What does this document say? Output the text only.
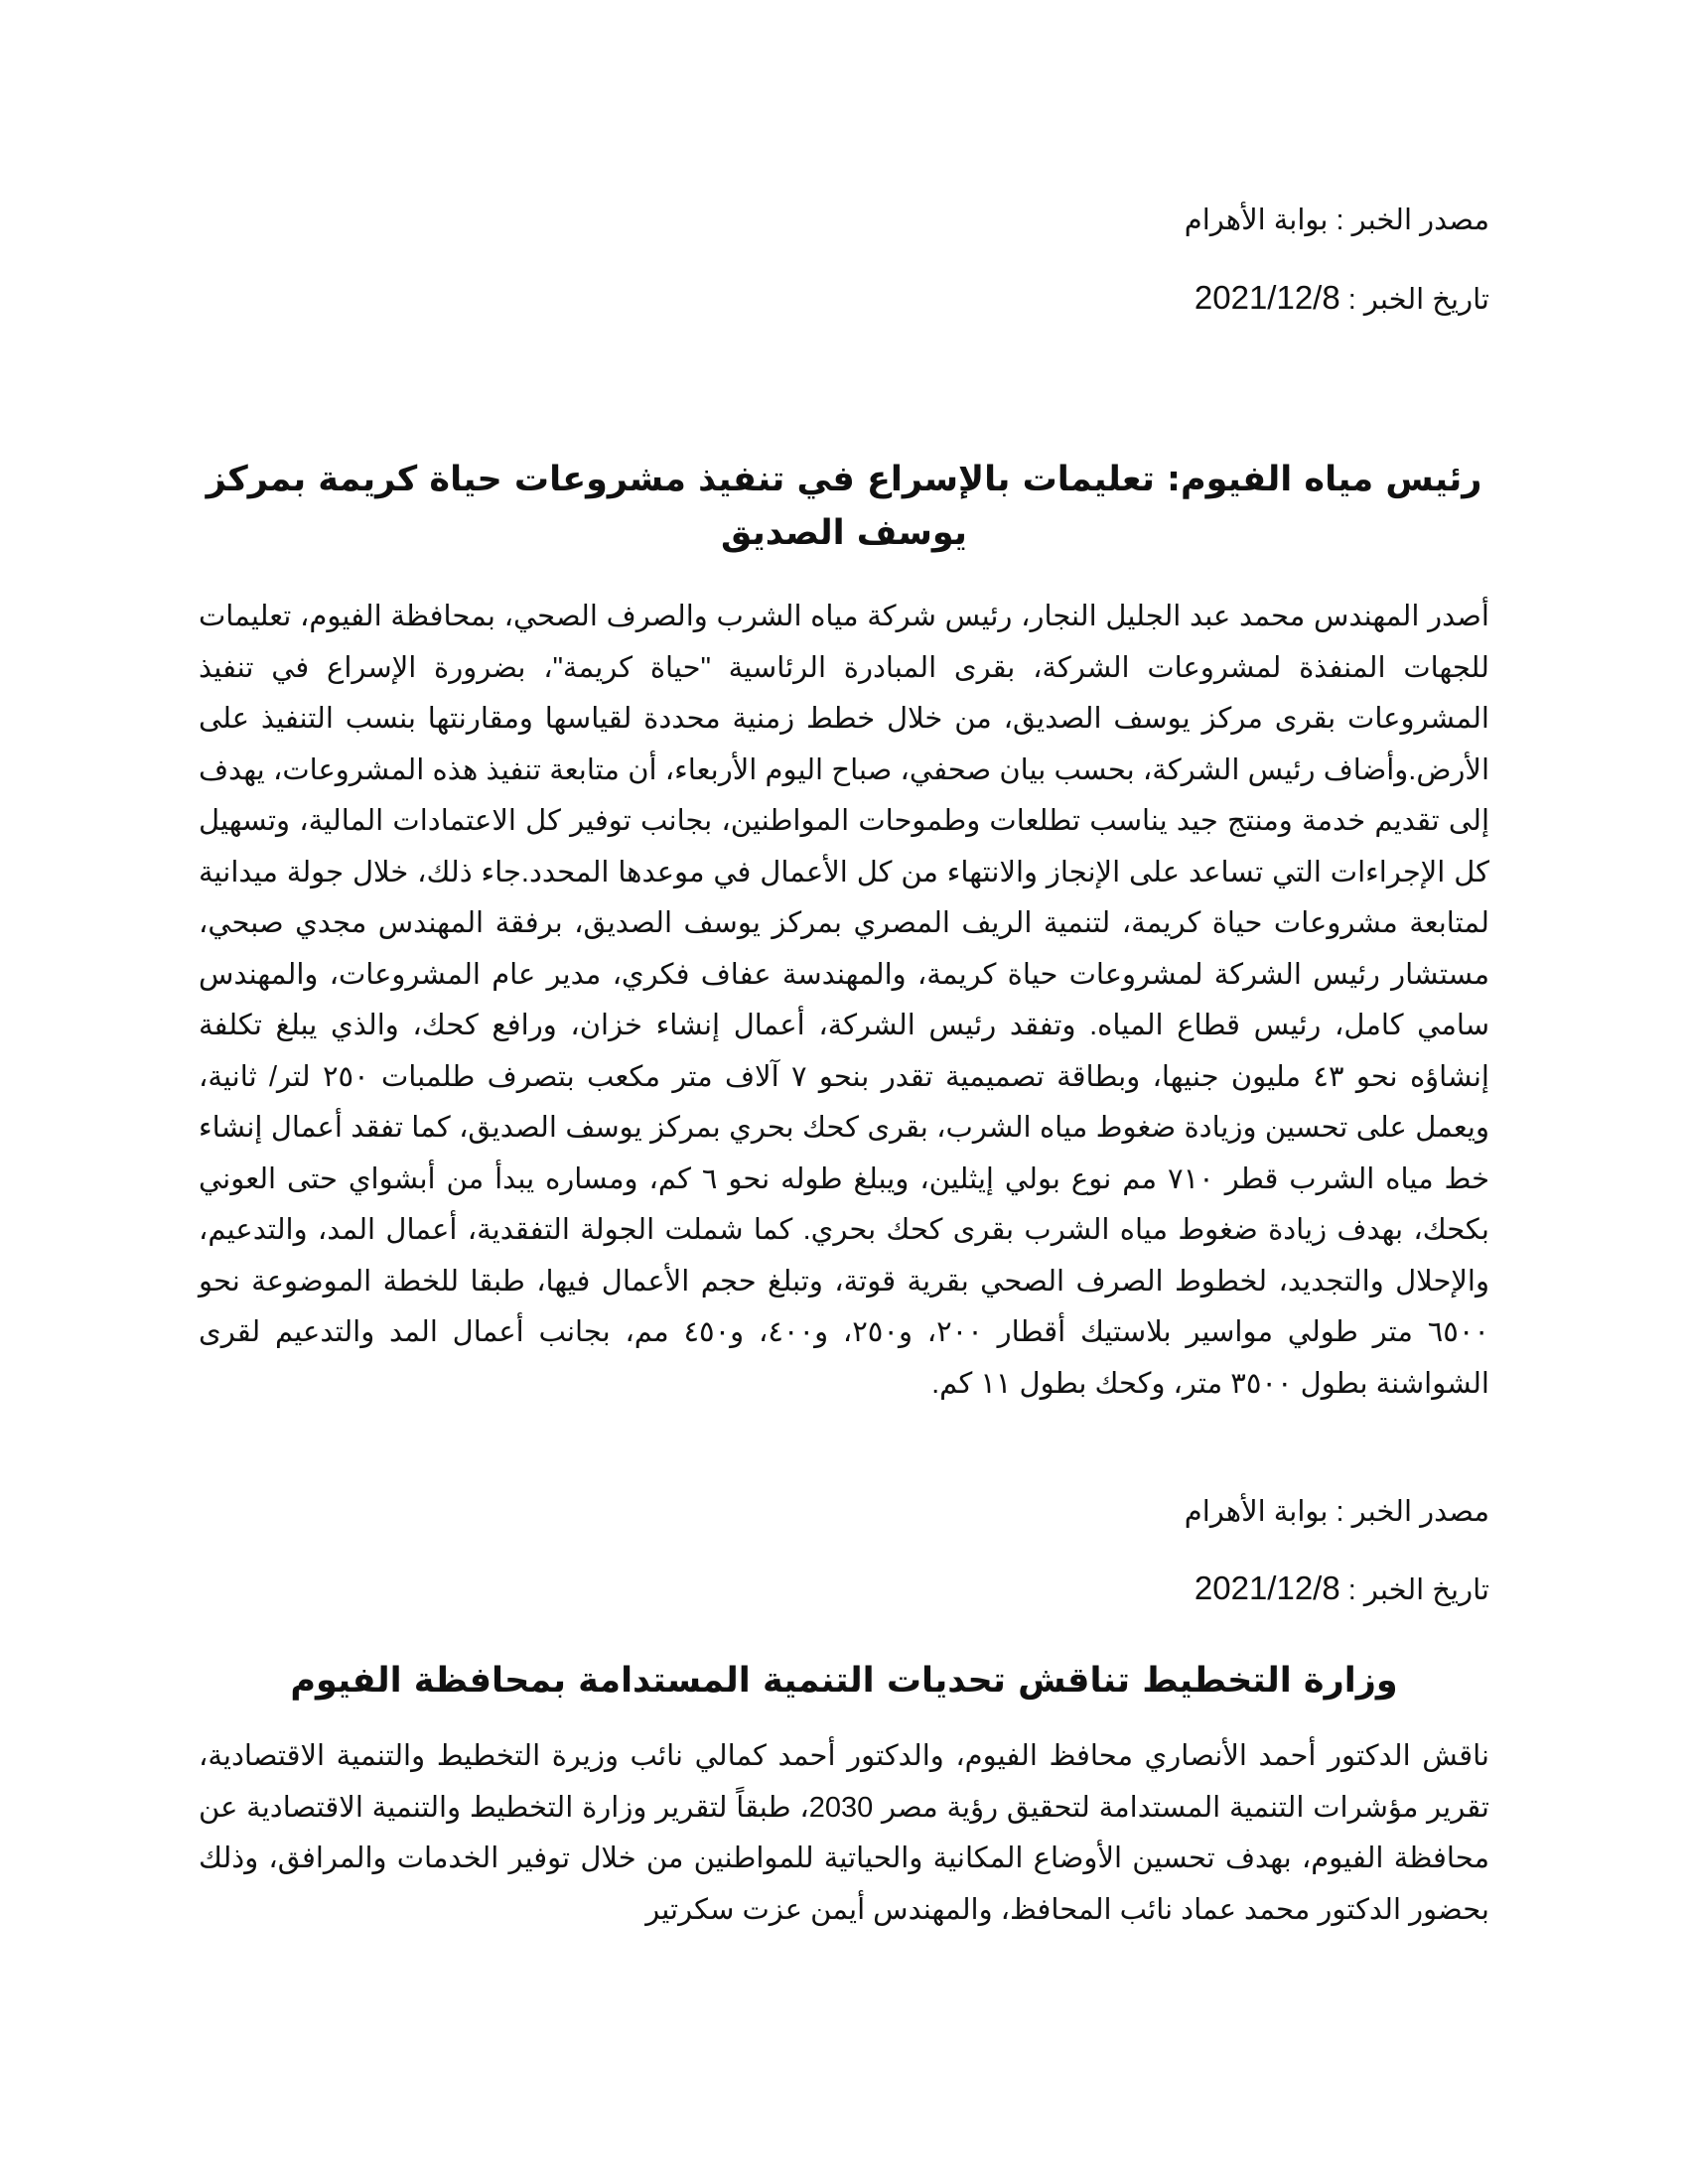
مصدر الخبر : بوابة الأهرام
تاريخ الخبر : 2021/12/8
رئيس مياه الفيوم: تعليمات بالإسراع في تنفيذ مشروعات حياة كريمة بمركز يوسف الصديق

أصدر المهندس محمد عبد الجليل النجار، رئيس شركة مياه الشرب والصرف الصحي، بمحافظة الفيوم، تعليمات للجهات المنفذة لمشروعات الشركة، بقرى المبادرة الرئاسية "حياة كريمة"، بضرورة الإسراع في تنفيذ المشروعات بقرى مركز يوسف الصديق، من خلال خطط زمنية محددة لقياسها ومقارنتها بنسب التنفيذ على الأرض.وأضاف رئيس الشركة، بحسب بيان صحفي، صباح اليوم الأربعاء، أن متابعة تنفيذ هذه المشروعات، يهدف إلى تقديم خدمة ومنتج جيد يناسب تطلعات وطموحات المواطنين، بجانب توفير كل الاعتمادات المالية، وتسهيل كل الإجراءات التي تساعد على الإنجاز والانتهاء من كل الأعمال في موعدها المحدد.جاء ذلك، خلال جولة ميدانية لمتابعة مشروعات حياة كريمة، لتنمية الريف المصري بمركز يوسف الصديق، برفقة المهندس مجدي صبحي، مستشار رئيس الشركة لمشروعات حياة كريمة، والمهندسة عفاف فكري، مدير عام المشروعات، والمهندس سامي كامل، رئيس قطاع المياه. وتفقد رئيس الشركة، أعمال إنشاء خزان، ورافع كحك، والذي يبلغ تكلفة إنشاؤه نحو ٤٣ مليون جنيها، وبطاقة تصميمية تقدر بنحو ٧ آلاف متر مكعب بتصرف طلمبات ٢٥٠ لتر/ ثانية، ويعمل على تحسين وزيادة ضغوط مياه الشرب، بقرى كحك بحري بمركز يوسف الصديق، كما تفقد أعمال إنشاء خط مياه الشرب قطر ٧١٠ مم نوع بولي إيثلين، ويبلغ طوله نحو ٦ كم، ومساره يبدأ من أبشواي حتى العوني بكحك، بهدف زيادة ضغوط مياه الشرب بقرى كحك بحري. كما شملت الجولة التفقدية، أعمال المد، والتدعيم، والإحلال والتجديد، لخطوط الصرف الصحي بقرية قوتة، وتبلغ حجم الأعمال فيها، طبقا للخطة الموضوعة نحو ٦٥٠٠ متر طولي مواسير بلاستيك أقطار ٢٠٠، و٢٥٠، و٤٠٠، و٤٥٠ مم، بجانب أعمال المد والتدعيم لقرى الشواشنة بطول ٣٥٠٠ متر، وكحك بطول ١١ كم.

مصدر الخبر : بوابة الأهرام
تاريخ الخبر : 2021/12/8
وزارة التخطيط تناقش تحديات التنمية المستدامة بمحافظة الفيوم

ناقش الدكتور أحمد الأنصاري محافظ الفيوم، والدكتور أحمد كمالي نائب وزيرة التخطيط والتنمية الاقتصادية، تقرير مؤشرات التنمية المستدامة لتحقيق رؤية مصر 2030، طبقاً لتقرير وزارة التخطيط والتنمية الاقتصادية عن محافظة الفيوم، بهدف تحسين الأوضاع المكانية والحياتية للمواطنين من خلال توفير الخدمات والمرافق، وذلك بحضور الدكتور محمد عماد نائب المحافظ، والمهندس أيمن عزت سكرتير
